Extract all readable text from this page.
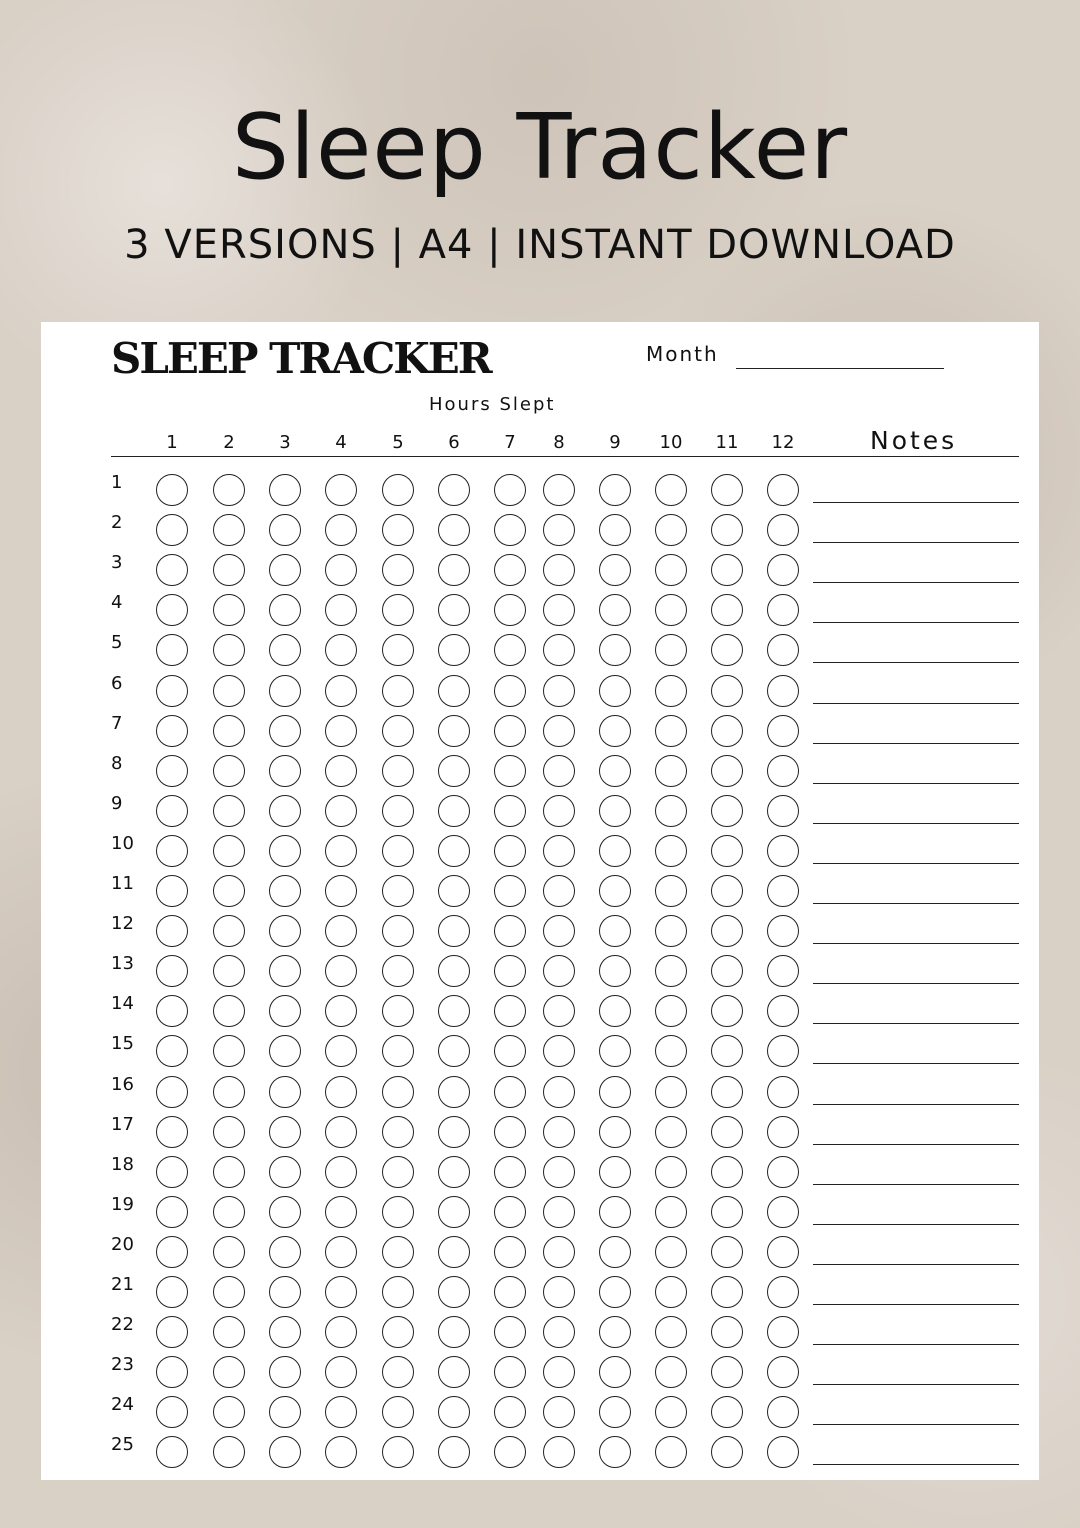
Sleep Tracker
3 VERSIONS | A4 | INSTANT DOWNLOAD
SLEEP TRACKER	Month
Hours Slept
1	2	3	4	5	6	7	8	9	10	11	12	Notes
1
2
3
4
5
6
7
8
9
10
11
12
13
14
15
16
17
18
19
20
21
22
23
24
25
